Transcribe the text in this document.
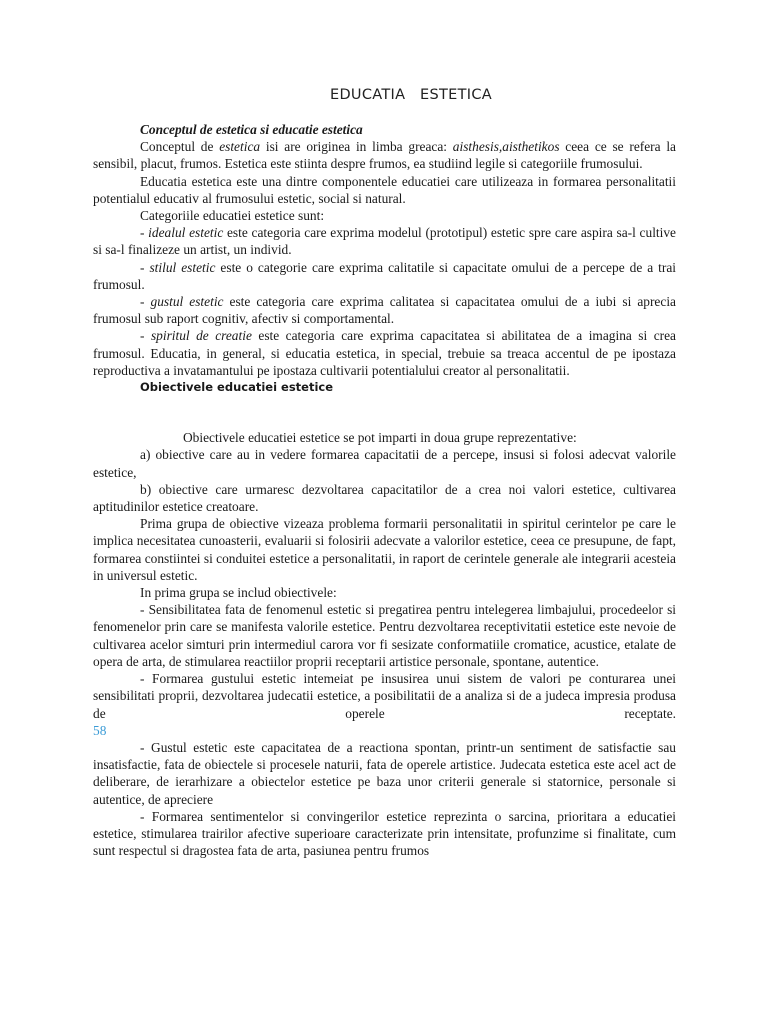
EDUCATIA ESTETICA

Conceptul de estetica si educatie estetica

Conceptul de estetica isi are originea in limba greaca: aisthesis,aisthetikos ceea ce se refera la sensibil, placut, frumos. Estetica este stiinta despre frumos, ea studiind legile si categoriile frumosului.

Educatia estetica este una dintre componentele educatiei care utilizeaza in formarea personalitatii potentialul educativ al frumosului estetic, social si natural.

Categoriile educatiei estetice sunt:

- idealul estetic este categoria care exprima modelul (prototipul) estetic spre care aspira sa-l cultive si sa-l finalizeze un artist, un individ.

- stilul estetic este o categorie care exprima calitatile si capacitate omului de a percepe de a trai frumosul.

- gustul estetic este categoria care exprima calitatea si capacitatea omului de a iubi si aprecia frumosul sub raport cognitiv, afectiv si comportamental.

- spiritul de creatie este categoria care exprima capacitatea si abilitatea de a imagina si crea frumosul. Educatia, in general, si educatia estetica, in special, trebuie sa treaca accentul de pe ipostaza reproductiva a invatamantului pe ipostaza cultivarii potentialului creator al personalitatii.

Obiectivele educatiei estetice

Obiectivele educatiei estetice se pot imparti in doua grupe reprezentative:

a) obiective care au in vedere formarea capacitatii de a percepe, insusi si folosi adecvat valorile estetice,

b) obiective care urmaresc dezvoltarea capacitatilor de a crea noi valori estetice, cultivarea aptitudinilor estetice creatoare.

Prima grupa de obiective vizeaza problema formarii personalitatii in spiritul cerintelor pe care le implica necesitatea cunoasterii, evaluarii si folosirii adecvate a valorilor estetice, ceea ce presupune, de fapt, formarea constiintei si conduitei estetice a personalitatii, in raport de cerintele generale ale integrarii acesteia in universul estetic.

In prima grupa se includ obiectivele:

- Sensibilitatea fata de fenomenul estetic si pregatirea pentru intelegerea limbajului, procedeelor si fenomenelor prin care se manifesta valorile estetice. Pentru dezvoltarea receptivitatii estetice este nevoie de cultivarea acelor simturi prin intermediul carora vor fi sesizate conformatiile cromatice, acustice, etalate de opera de arta, de stimularea reactiilor proprii receptarii artistice personale, spontane, autentice.

- Formarea gustului estetic intemeiat pe insusirea unui sistem de valori pe conturarea unei sensibilitati proprii, dezvoltarea judecatii estetice, a posibilitatii de a analiza si de a judeca impresia produsa de operele receptate.

58

- Gustul estetic este capacitatea de a reactiona spontan, printr-un sentiment de satisfactie sau insatisfactie, fata de obiectele si procesele naturii, fata de operele artistice. Judecata estetica este acel act de deliberare, de ierarhizare a obiectelor estetice pe baza unor criterii generale si statornice, personale si autentice, de apreciere

- Formarea sentimentelor si convingerilor estetice reprezinta o sarcina, prioritara a educatiei estetice, stimularea trairilor afective superioare caracterizate prin intensitate, profunzime si finalitate, cum sunt respectul si dragostea fata de arta, pasiunea pentru frumos
